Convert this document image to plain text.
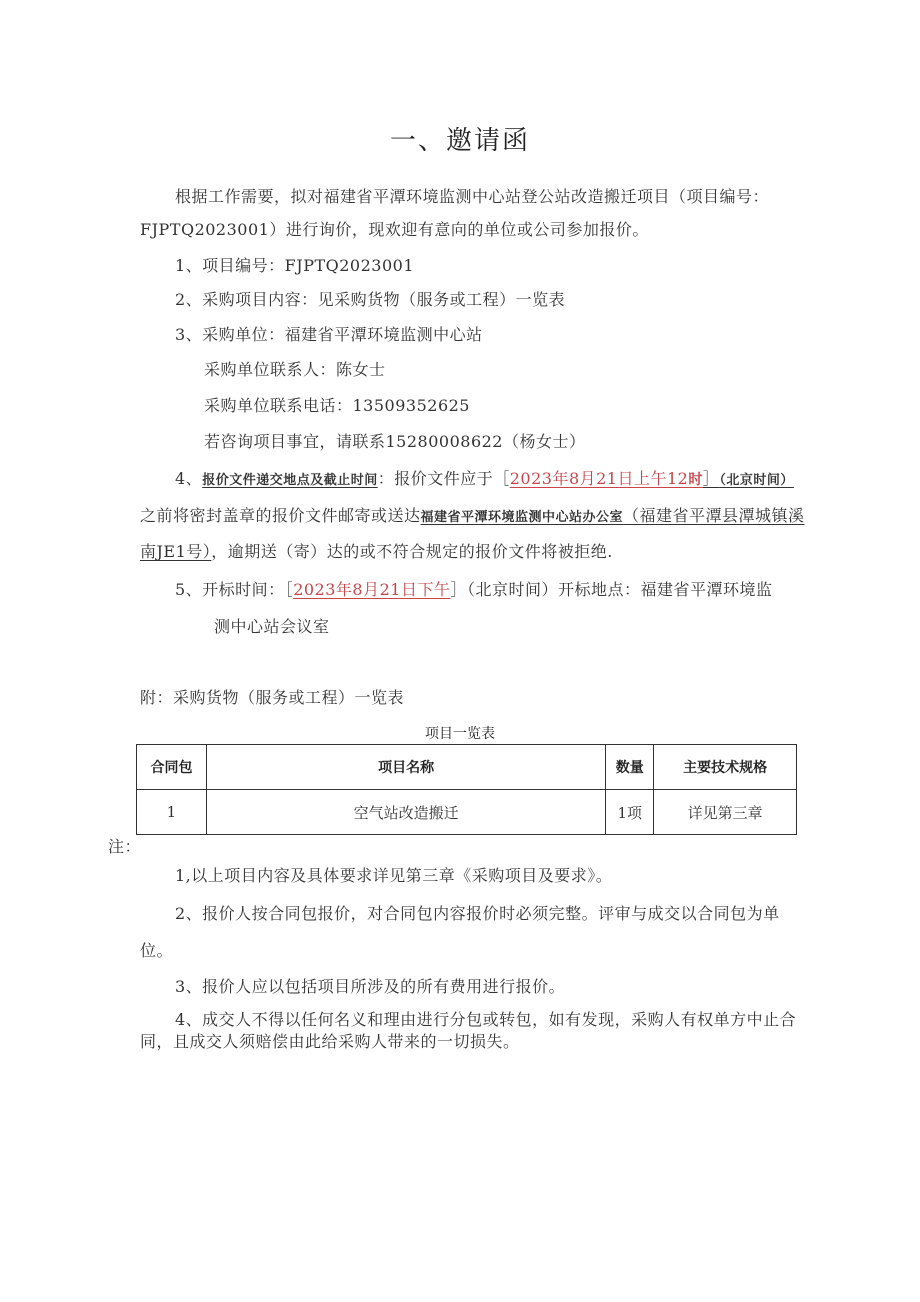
一、邀请函
根据工作需要，拟对福建省平潭环境监测中心站登公站改造搬迁项目（项目编号：
FJPTQ2023001）进行询价，现欢迎有意向的单位或公司参加报价。
1、项目编号：FJPTQ2023001
2、采购项目内容：见采购货物（服务或工程）一览表
3、采购单位：福建省平潭环境监测中心站
采购单位联系人：陈女士
采购单位联系电话：13509352625
若咨询项目事宜，请联系15280008622（杨女士）
4、报价文件递交地点及截止时间：报价文件应于［2023年8月21日上午12时］（北京时间）
之前将密封盖章的报价文件邮寄或送达福建省平潭环境监测中心站办公室（福建省平潭县潭城镇溪
南JE1号），逾期送（寄）达的或不符合规定的报价文件将被拒绝.
5、开标时间：［2023年8月21日下午］（北京时间）开标地点：福建省平潭环境监
测中心站会议室
附：采购货物（服务或工程）一览表
项目一览表
合同包	项目名称	数量	主要技术规格
1	空气站改造搬迁	1项	详见第三章
注：
1,以上项目内容及具体要求详见第三章《采购项目及要求》。
2、报价人按合同包报价，对合同包内容报价时必须完整。评审与成交以合同包为单
位。
3、报价人应以包括项目所涉及的所有费用进行报价。
4、成交人不得以任何名义和理由进行分包或转包，如有发现，采购人有权单方中止合
同，且成交人须赔偿由此给采购人带来的一切损失。
